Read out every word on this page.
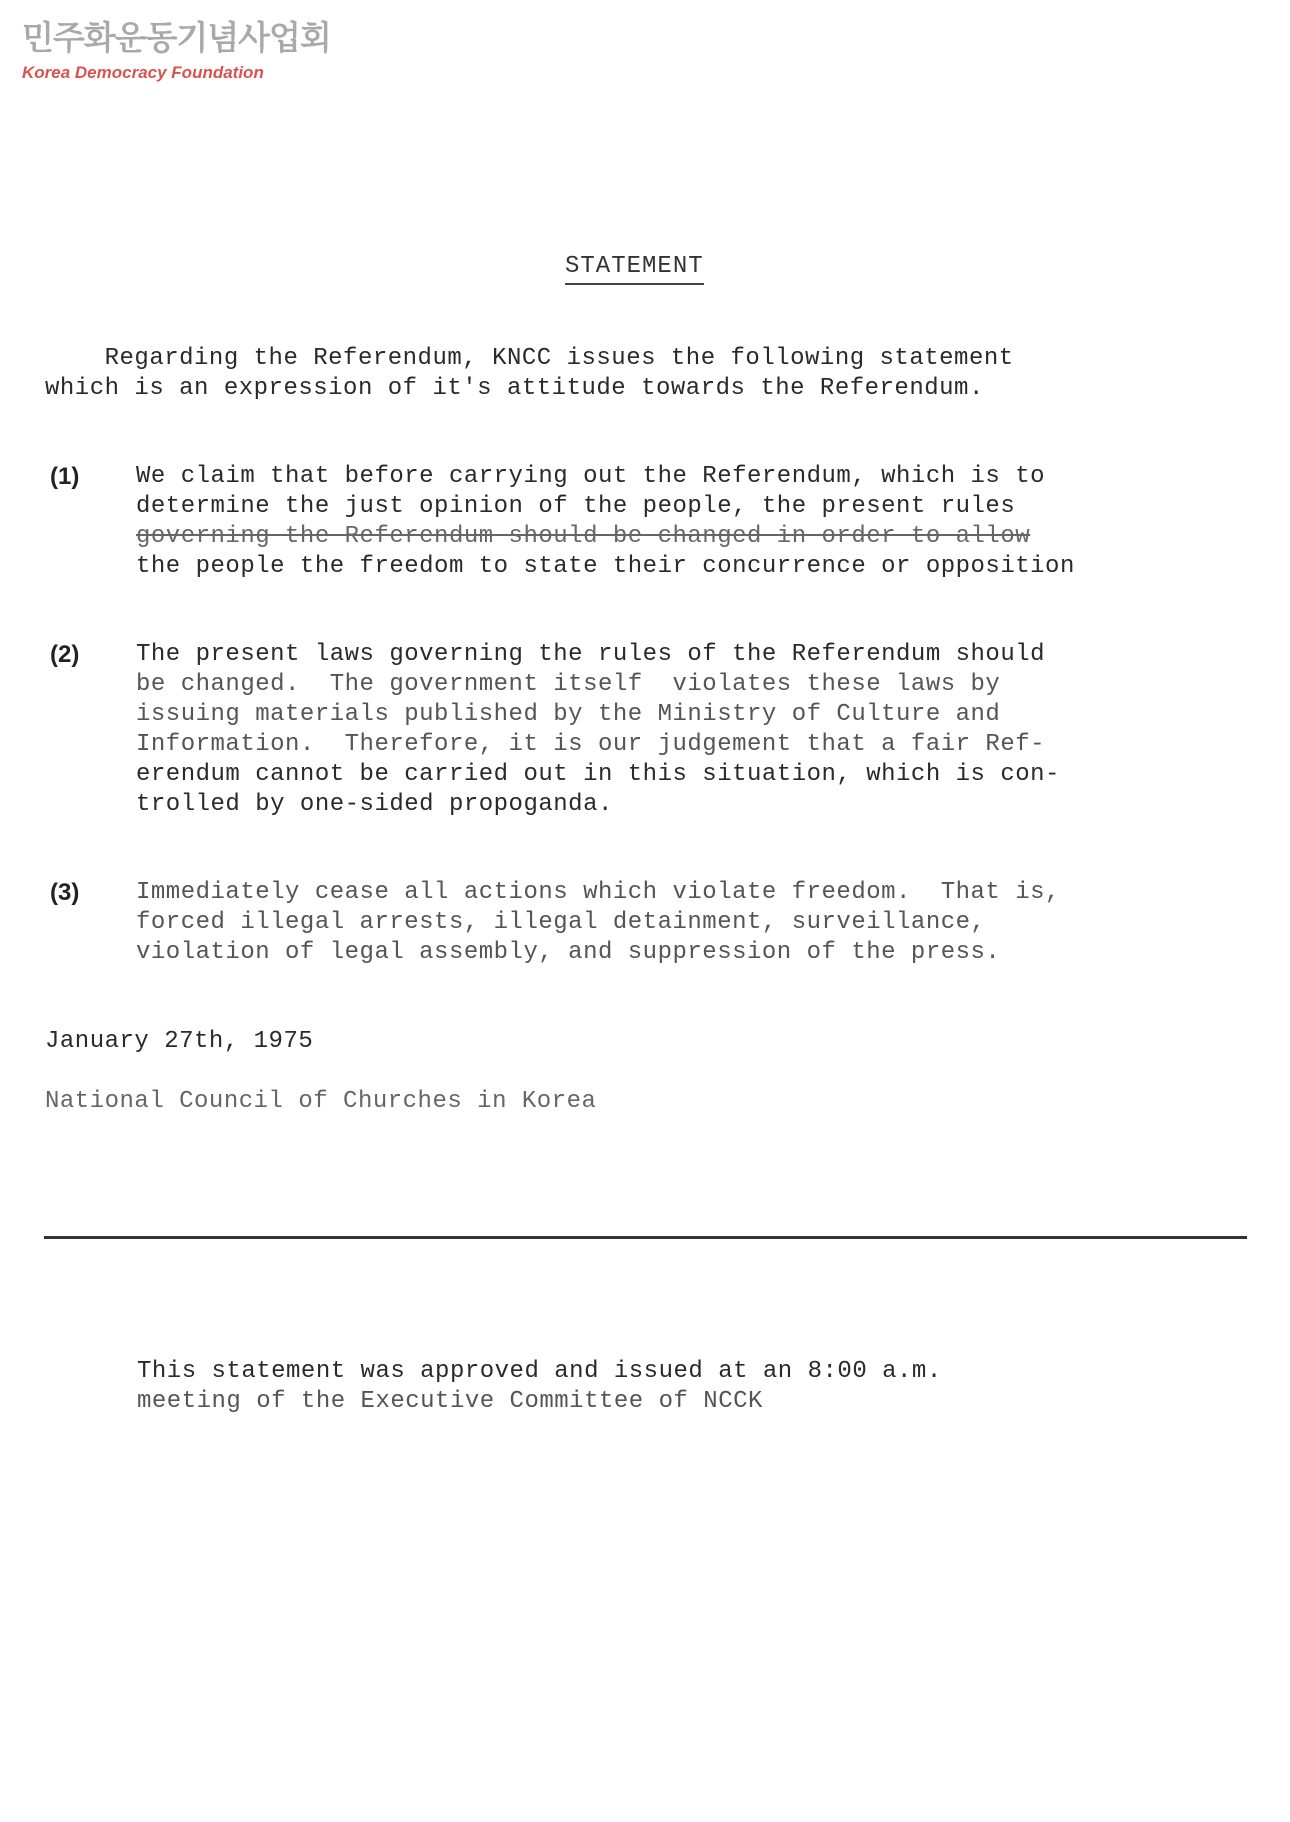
민주화운동기념사업회
Korea Democracy Foundation
STATEMENT
Regarding the Referendum, KNCC issues the following statement
which is an expression of it's attitude towards the Referendum.
(1) We claim that before carrying out the Referendum, which is to
determine the just opinion of the people, the present rules
governing the Referendum should be changed in order to allow
the people the freedom to state their concurrence or opposition
(2) The present laws governing the rules of the Referendum should
be changed.  The government itself  violates these laws by
issuing materials published by the Ministry of Culture and
Information.  Therefore, it is our judgement that a fair Ref-
erendum cannot be carried out in this situation, which is con-
trolled by one-sided propoganda.
(3) Immediately cease all actions which violate freedom.  That is,
forced illegal arrests, illegal detainment, surveillance,
violation of legal assembly, and suppression of the press.
January 27th, 1975
National Council of Churches in Korea
This statement was approved and issued at an 8:00 a.m.
meeting of the Executive Committee of NCCK
